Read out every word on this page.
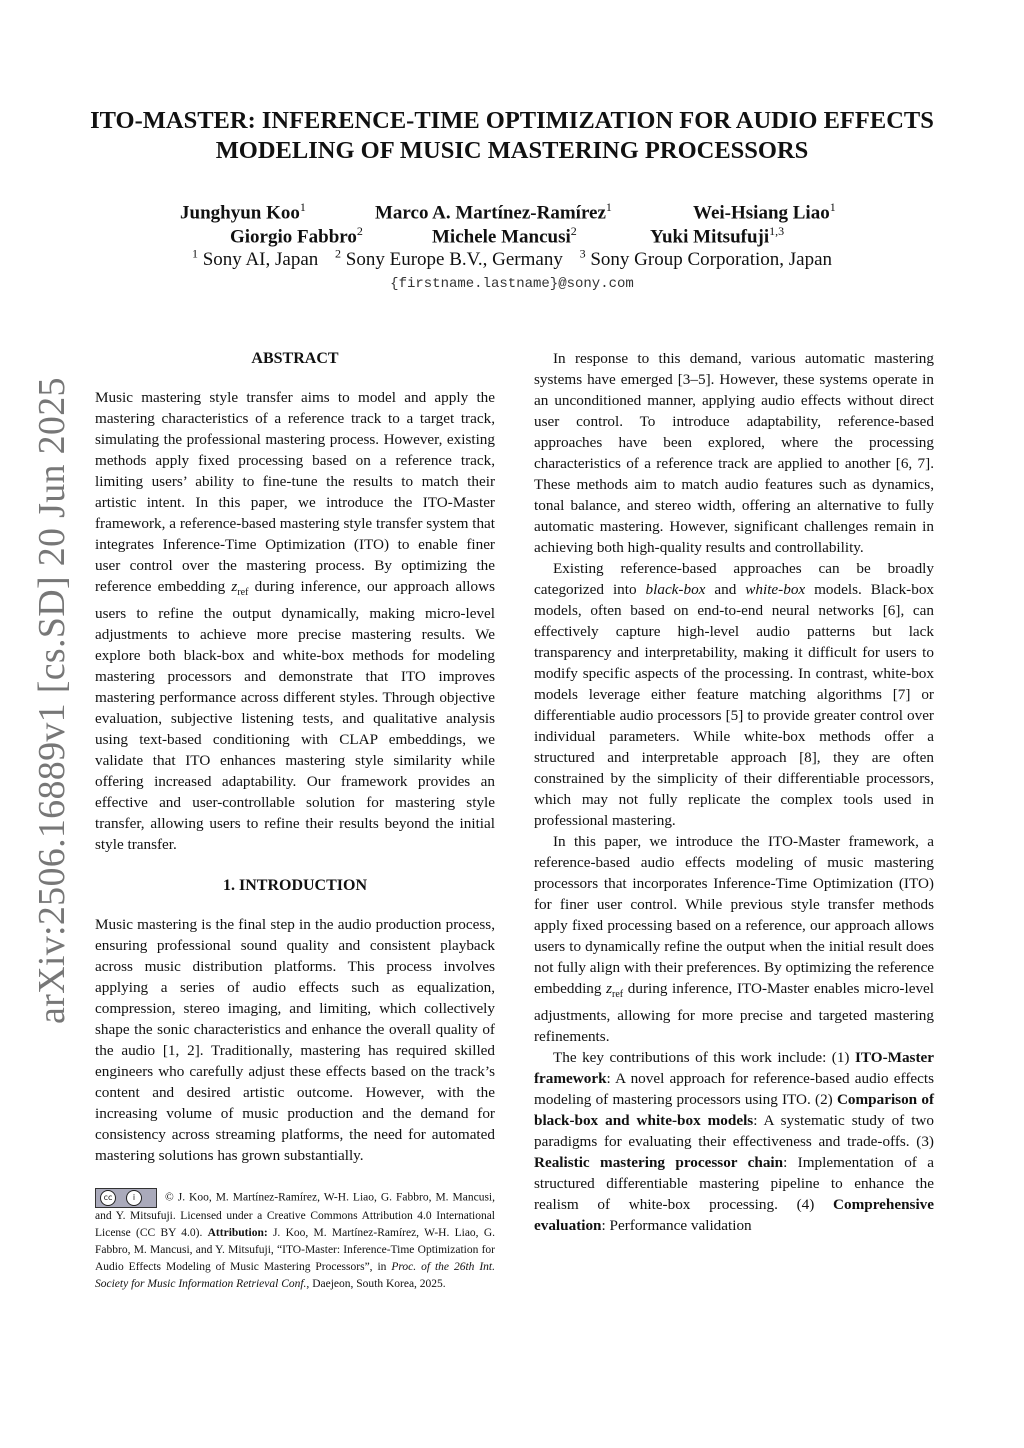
arXiv:2506.16889v1 [cs.SD] 20 Jun 2025
ITO-MASTER: INFERENCE-TIME OPTIMIZATION FOR AUDIO EFFECTS MODELING OF MUSIC MASTERING PROCESSORS
Junghyun Koo$^1$	Marco A. Martínez-Ramírez$^1$	Wei-Hsiang Liao$^1$
Giorgio Fabbro$^2$	Michele Mancusi$^2$	Yuki Mitsufuji$^{1,3}$
$^1$ Sony AI, Japan $^2$ Sony Europe B.V., Germany $^3$ Sony Group Corporation, Japan
{firstname.lastname}@sony.com
ABSTRACT

Music mastering style transfer aims to model and apply the mastering characteristics of a reference track to a target track, simulating the professional mastering process. However, existing methods apply fixed processing based on a reference track, limiting users’ ability to fine-tune the results to match their artistic intent. In this paper, we introduce the ITO-Master framework, a reference-based mastering style transfer system that integrates Inference-Time Optimization (ITO) to enable finer user control over the mastering process. By optimizing the reference embedding $z_{ref}$ during inference, our approach allows users to refine the output dynamically, making micro-level adjustments to achieve more precise mastering results. We explore both black-box and white-box methods for modeling mastering processors and demonstrate that ITO improves mastering performance across different styles. Through objective evaluation, subjective listening tests, and qualitative analysis using text-based conditioning with CLAP embeddings, we validate that ITO enhances mastering style similarity while offering increased adaptability. Our framework provides an effective and user-controllable solution for mastering style transfer, allowing users to refine their results beyond the initial style transfer.

1. INTRODUCTION

Music mastering is the final step in the audio production process, ensuring professional sound quality and consistent playback across music distribution platforms. This process involves applying a series of audio effects such as equalization, compression, stereo imaging, and limiting, which collectively shape the sonic characteristics and enhance the overall quality of the audio [1, 2]. Traditionally, mastering has required skilled engineers who carefully adjust these effects based on the track’s content and desired artistic outcome. However, with the increasing volume of music production and the demand for consistency across streaming platforms, the need for automated mastering solutions has grown substantially.

In response to this demand, various automatic mastering systems have emerged [3–5]. However, these systems operate in an unconditioned manner, applying audio effects without direct user control. To introduce adaptability, reference-based approaches have been explored, where the processing characteristics of a reference track are applied to another [6, 7]. These methods aim to match audio features such as dynamics, tonal balance, and stereo width, offering an alternative to fully automatic mastering. However, significant challenges remain in achieving both high-quality results and controllability.

Existing reference-based approaches can be broadly categorized into black-box and white-box models. Black-box models, often based on end-to-end neural networks [6], can effectively capture high-level audio patterns but lack transparency and interpretability, making it difficult for users to modify specific aspects of the processing. In contrast, white-box models leverage either feature matching algorithms [7] or differentiable audio processors [5] to provide greater control over individual parameters. While white-box methods offer a structured and interpretable approach [8], they are often constrained by the simplicity of their differentiable processors, which may not fully replicate the complex tools used in professional mastering.

In this paper, we introduce the ITO-Master framework, a reference-based audio effects modeling of music mastering processors that incorporates Inference-Time Optimization (ITO) for finer user control. While previous style transfer methods apply fixed processing based on a reference, our approach allows users to dynamically refine the output when the initial result does not fully align with their preferences. By optimizing the reference embedding $z_{ref}$ during inference, ITO-Master enables micro-level adjustments, allowing for more precise and targeted mastering refinements.

The key contributions of this work include: (1) ITO-Master framework: A novel approach for reference-based audio effects modeling of mastering processors using ITO. (2) Comparison of black-box and white-box models: A systematic study of two paradigms for evaluating their effectiveness and trade-offs. (3) Realistic mastering processor chain: Implementation of a structured differentiable mastering pipeline to enhance the realism of white-box processing. (4) Comprehensive evaluation: Performance validation

cc	i	© J. Koo, M. Martínez-Ramírez, W-H. Liao, G. Fabbro, M. Mancusi, and Y. Mitsufuji. Licensed under a Creative Commons Attribution 4.0 International License (CC BY 4.0). Attribution: J. Koo, M. Martínez-Ramírez, W-H. Liao, G. Fabbro, M. Mancusi, and Y. Mitsufuji, “ITO-Master: Inference-Time Optimization for Audio Effects Modeling of Music Mastering Processors”, in Proc. of the 26th Int. Society for Music Information Retrieval Conf., Daejeon, South Korea, 2025.
